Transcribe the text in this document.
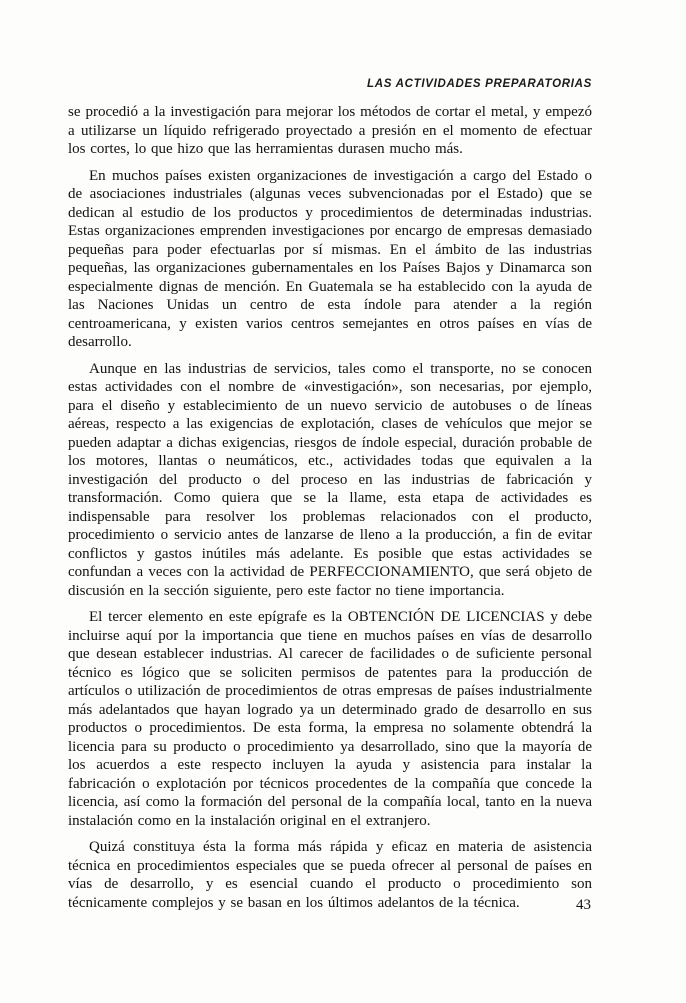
LAS ACTIVIDADES PREPARATORIAS

se procedió a la investigación para mejorar los métodos de cortar el metal, y empezó a utilizarse un líquido refrigerado proyectado a presión en el momento de efectuar los cortes, lo que hizo que las herramientas durasen mucho más.

En muchos países existen organizaciones de investigación a cargo del Estado o de asociaciones industriales (algunas veces subvencionadas por el Estado) que se dedican al estudio de los productos y procedimientos de determinadas industrias. Estas organizaciones emprenden investigaciones por encargo de empresas demasiado pequeñas para poder efectuarlas por sí mismas. En el ámbito de las industrias pequeñas, las organizaciones gubernamentales en los Países Bajos y Dinamarca son especialmente dignas de mención. En Guatemala se ha establecido con la ayuda de las Naciones Unidas un centro de esta índole para atender a la región centroamericana, y existen varios centros semejantes en otros países en vías de desarrollo.

Aunque en las industrias de servicios, tales como el transporte, no se conocen estas actividades con el nombre de «investigación», son necesarias, por ejemplo, para el diseño y establecimiento de un nuevo servicio de autobuses o de líneas aéreas, respecto a las exigencias de explotación, clases de vehículos que mejor se pueden adaptar a dichas exigencias, riesgos de índole especial, duración probable de los motores, llantas o neumáticos, etc., actividades todas que equivalen a la investigación del producto o del proceso en las industrias de fabricación y transformación. Como quiera que se la llame, esta etapa de actividades es indispensable para resolver los problemas relacionados con el producto, procedimiento o servicio antes de lanzarse de lleno a la producción, a fin de evitar conflictos y gastos inútiles más adelante. Es posible que estas actividades se confundan a veces con la actividad de PERFECCIONAMIENTO, que será objeto de discusión en la sección siguiente, pero este factor no tiene importancia.

El tercer elemento en este epígrafe es la OBTENCIÓN DE LICENCIAS y debe incluirse aquí por la importancia que tiene en muchos países en vías de desarrollo que desean establecer industrias. Al carecer de facilidades o de suficiente personal técnico es lógico que se soliciten permisos de patentes para la producción de artículos o utilización de procedimientos de otras empresas de países industrialmente más adelantados que hayan logrado ya un determinado grado de desarrollo en sus productos o procedimientos. De esta forma, la empresa no solamente obtendrá la licencia para su producto o procedimiento ya desarrollado, sino que la mayoría de los acuerdos a este respecto incluyen la ayuda y asistencia para instalar la fabricación o explotación por técnicos procedentes de la compañía que concede la licencia, así como la formación del personal de la compañía local, tanto en la nueva instalación como en la instalación original en el extranjero.

Quizá constituya ésta la forma más rápida y eficaz en materia de asistencia técnica en procedimientos especiales que se pueda ofrecer al personal de países en vías de desarrollo, y es esencial cuando el producto o procedimiento son técnicamente complejos y se basan en los últimos adelantos de la técnica.	43
